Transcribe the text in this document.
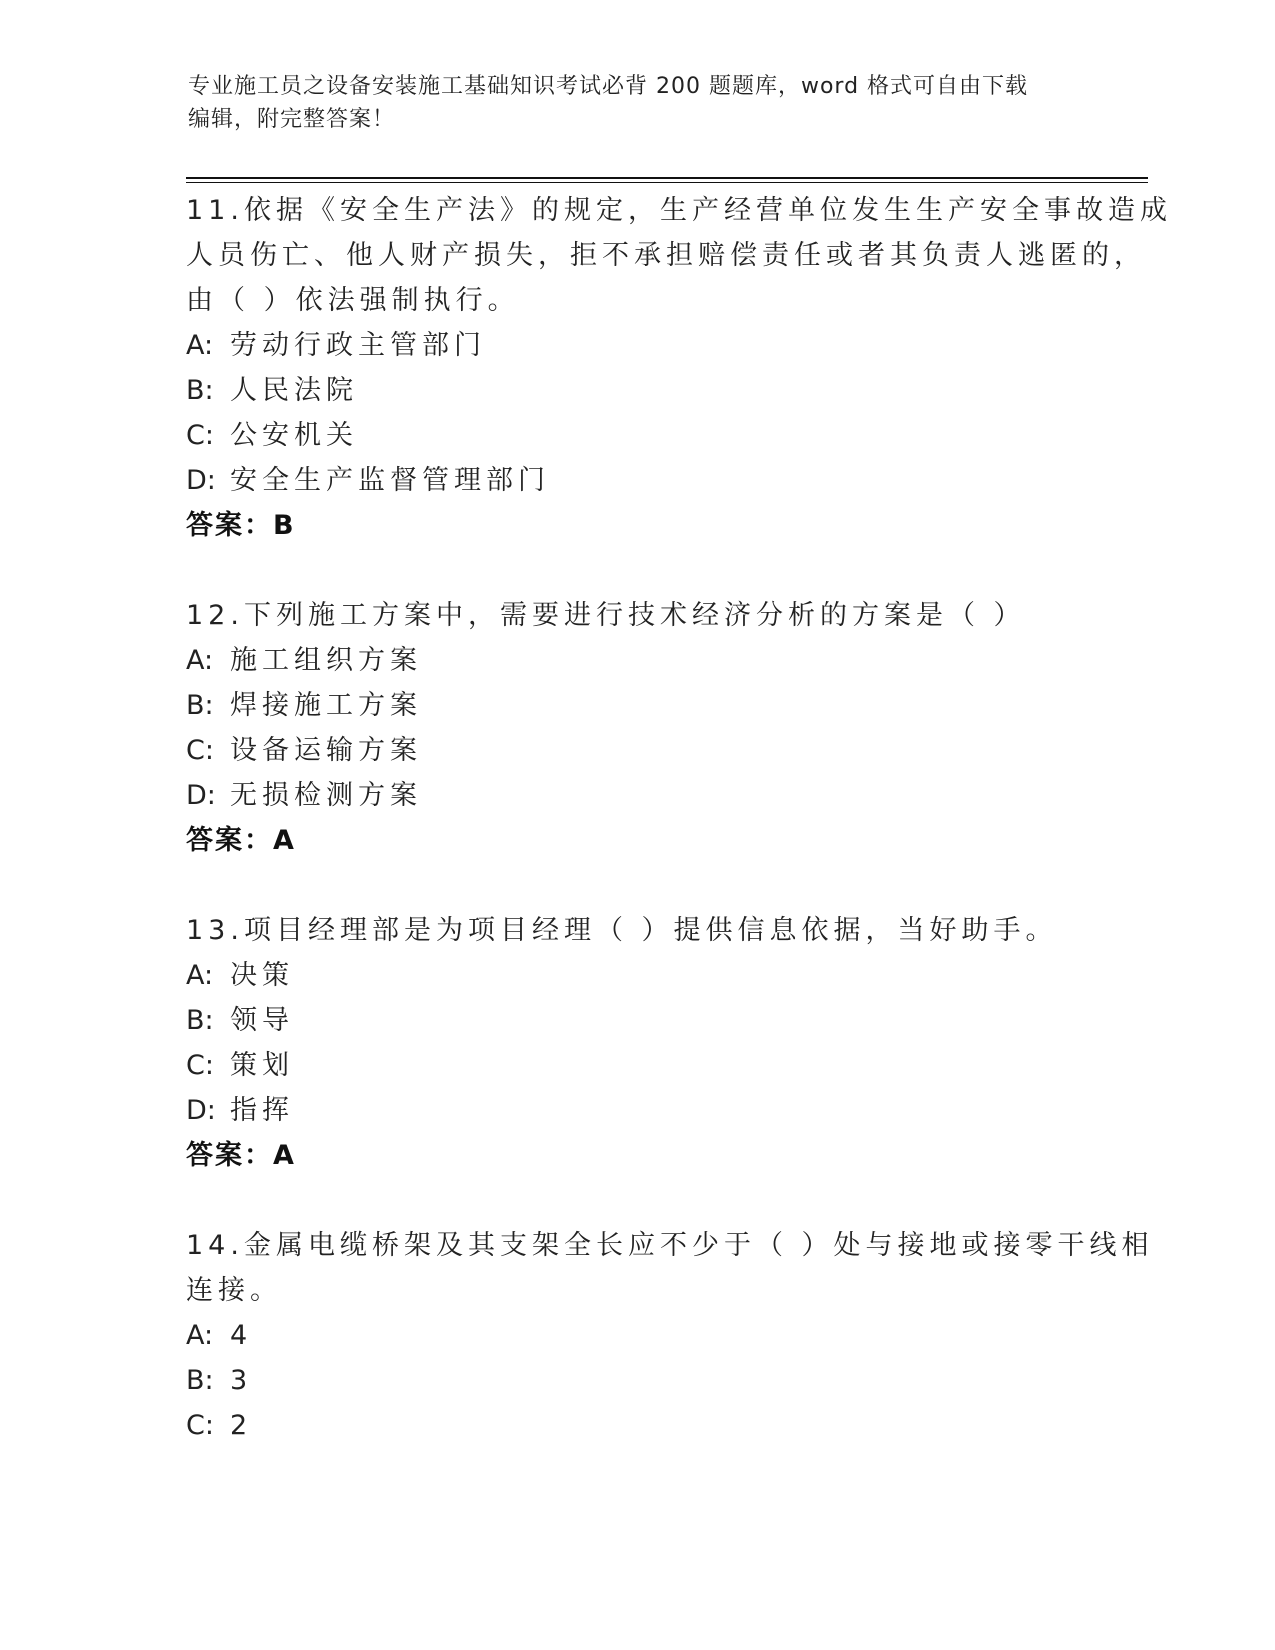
专业施工员之设备安装施工基础知识考试必背 200 题题库，word 格式可自由下载
编辑，附完整答案！
11.依据《安全生产法》的规定，生产经营单位发生生产安全事故造成
人员伤亡、他人财产损失，拒不承担赔偿责任或者其负责人逃匿的，
由（ ）依法强制执行。
A: 劳动行政主管部门
B: 人民法院
C: 公安机关
D: 安全生产监督管理部门
答案：B
12.下列施工方案中，需要进行技术经济分析的方案是（ ）
A: 施工组织方案
B: 焊接施工方案
C: 设备运输方案
D: 无损检测方案
答案：A
13.项目经理部是为项目经理（ ）提供信息依据，当好助手。
A: 决策
B: 领导
C: 策划
D: 指挥
答案：A
14.金属电缆桥架及其支架全长应不少于（ ）处与接地或接零干线相
连接。
A: 4
B: 3
C: 2
